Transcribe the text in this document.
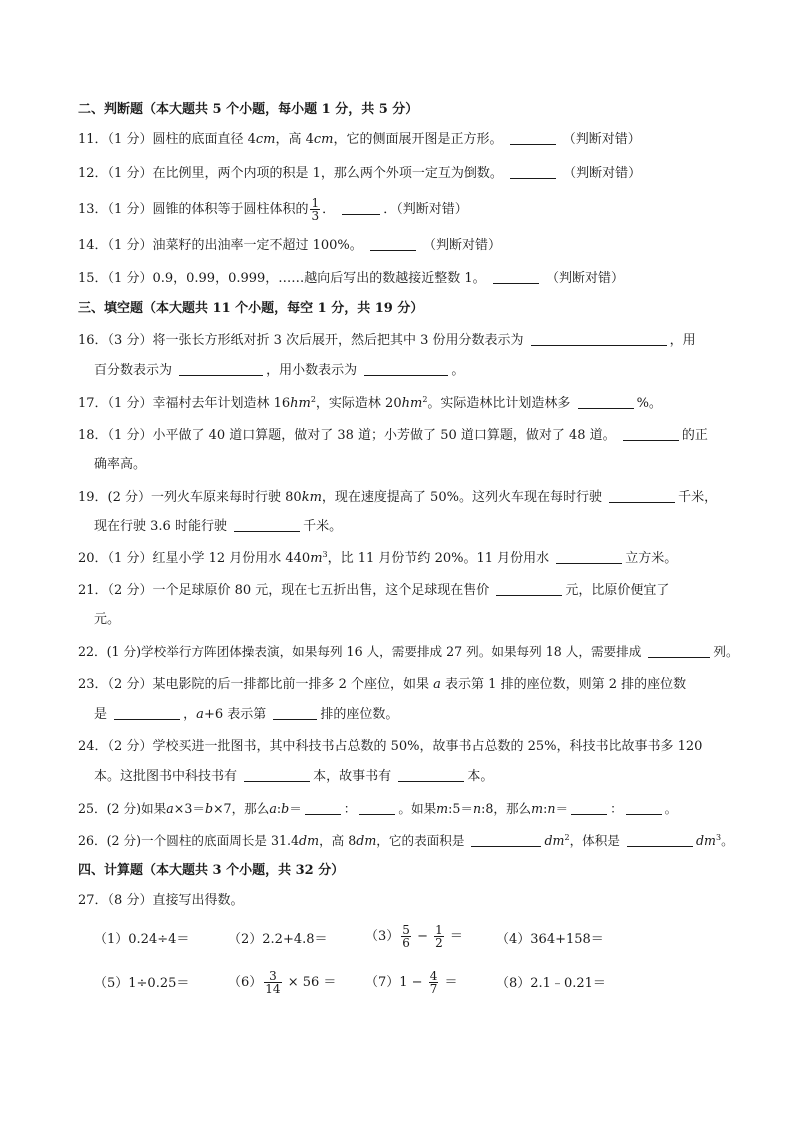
二、判断题（本大题共 5 个小题，每小题 1 分，共 5 分）
11．（1 分）圆柱的底面直径 4cm，高 4cm，它的侧面展开图是正方形。	（判断对错）
12．（1 分）在比例里，两个内项的积是 1，那么两个外项一定互为倒数。	（判断对错）
13．（1 分）圆锥的体积等于圆柱体积的 $\frac{1}{3}$ ．	．（判断对错）
14．（1 分）油菜籽的出油率一定不超过 100%。	（判断对错）
15．（1 分）0.9，0.99，0.999，……越向后写出的数越接近整数 1。	（判断对错）
三、填空题（本大题共 11 个小题，每空 1 分，共 19 分）
16．（3 分）将一张长方形纸对折 3 次后展开，然后把其中 3 份用分数表示为	，用
百分数表示为	，用小数表示为	。
17．（1 分）幸福村去年计划造林 $16hm^2$，实际造林 $20hm^2$。实际造林比计划造林多	%。
18．（1 分）小平做了 40 道口算题，做对了 38 道；小芳做了 50 道口算题，做对了 48 道。	的正
确率高。
19．(2 分）一列火车原来每时行驶 80km，现在速度提高了 50%。这列火车现在每时行驶	千米，
现在行驶 3.6 时能行驶	千米。
20．（1 分）红星小学 12 月份用水 $440m^3$，比 11 月份节约 20%。11 月份用水	立方米。
21．（2 分）一个足球原价 80 元，现在七五折出售，这个足球现在售价	元，比原价便宜了
元。
22．(1 分)学校举行方阵团体操表演，如果每列 16 人，需要排成 27 列。如果每列 18 人，需要排成	列。
23．（2 分）某电影院的后一排都比前一排多 2 个座位，如果 a 表示第 1 排的座位数，则第 2 排的座位数
是	，a+6 表示第	排的座位数。
24．（2 分）学校买进一批图书，其中科技书占总数的 50%，故事书占总数的 25%，科技书比故事书多 120
本。这批图书中科技书有	本，故事书有	本。
25．(2 分)如果a×3＝b×7，那么a:b＝	：	。如果m:5＝n:8，那么m:n＝	：	。
26．(2 分)一个圆柱的底面周长是 31.4dm，高 8dm，它的表面积是	$dm^2$，体积是	$dm^3$。
四、计算题（本大题共 3 个小题，共 32 分）
27．（8 分）直接写出得数。
（1）0.24÷4＝	（2）2.2+4.8＝	$(3) \frac{5}{6} - \frac{1}{2}$ ＝	（4）364+158＝
（5）1÷0.25＝	$(6) \frac{3}{14} \times 56 = (7)1 - \frac{4}{7}$ ＝	（8）2.1﹣0.21＝
